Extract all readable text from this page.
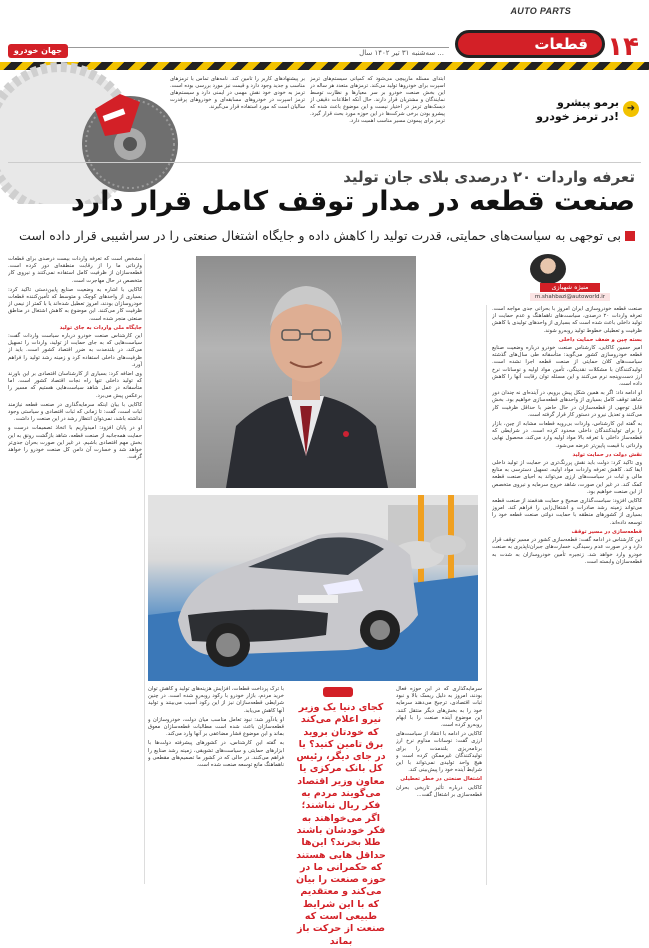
AUTO PARTS
۱۴
قطعات
سه‌شنبه ۳۱ تیر ۱۴۰۲ سال ...
جهان خودرو
ابتدای مسئله مارپیچی می‌شود که کمپانی سیستم‌های ترمز اسپرت برای خودروها تولید می‌کند. ترمزهای متعدد هر ساله در این بخش صنعت خودرو بر سر معیارها و نظارت توسط نمایندگان و مشتریان قرار دارند. حال آنکه اطلاعات دقیقی از دیسک‌های ترمز در اختیار نیست و این موضوع باعث شده که پیشرو بودن برخی شرکت‌ها در این حوزه مورد بحث قرار گیرد. ترمز برای پیمودن مسیر مناسب اهمیت دارد.
بر پیشنهادهای کاربر را تامین کند. نامه‌های تماس با ترمزهای مناسب و جدید وجود دارد و قیمت نیز مورد بررسی بوده است. ترمز به خودی خود نقش مهمی در ایمنی دارد و سیستم‌های ترمز اسپرت در خودروهای مسابقه‌ای و خودروهای پرقدرت سالیان است که مورد استفاده قرار می‌گیرند.	برمو پیشرو
در ترمز خودرو!
➜
تعرفه واردات ۲۰ درصدی بلای جان تولید
صنعت قطعه در مدار توقف کامل قرار دارد
بی توجهی به سیاست‌های حمایتی، قدرت تولید را کاهش داده و جایگاه اشتغال صنعتی را در سراشیبی قرار داده است
منیژه شهبازی
m.shahbazi@autoworld.ir

صنعت قطعه خودروسازی ایران امروز با بحرانی جدی مواجه است. تعرفه واردات ۲۰ درصدی، سیاست‌های ناهماهنگ و عدم حمایت از تولید داخلی باعث شده است که بسیاری از واحدهای تولیدی با کاهش ظرفیت و تعطیلی خطوط تولید روبه‌رو شوند.

بسته چین و ضعف حمایت داخلی

امیر حسین کاکایی، کارشناس صنعت خودرو درباره وضعیت صنایع قطعه خودروسازی کشور می‌گوید: متأسفانه طی سال‌های گذشته سیاست‌های کلان حمایتی از صنعت قطعه اجرا نشده است. تولیدکنندگان با مشکلات نقدینگی، تأمین مواد اولیه و نوسانات نرخ ارز دست‌وپنجه نرم می‌کنند و این مسئله توان رقابت آنها را کاهش داده است.

او ادامه داد: اگر به همین شکل پیش برویم، در آینده‌ای نه چندان دور شاهد توقف کامل بسیاری از واحدهای قطعه‌سازی خواهیم بود. بخش قابل توجهی از قطعه‌سازان در حال حاضر با حداقل ظرفیت کار می‌کنند و تعدیل نیرو در دستور کار قرار گرفته است.

به گفته این کارشناس، واردات بی‌رویه قطعات مشابه از چین، بازار را برای تولیدکنندگان داخلی محدود کرده است. در شرایطی که قطعه‌ساز داخلی با تعرفه بالا مواد اولیه وارد می‌کند، محصول نهایی وارداتی با قیمت پایین‌تر عرضه می‌شود.

نقش دولت در حمایت تولید

وی تاکید کرد: دولت باید نقش پررنگ‌تری در حمایت از تولید داخلی ایفا کند. کاهش تعرفه واردات مواد اولیه، تسهیل دسترسی به منابع مالی و ثبات در سیاست‌های ارزی می‌تواند به احیای صنعت قطعه کمک کند. در غیر این صورت، شاهد خروج سرمایه و نیروی متخصص از این صنعت خواهیم بود.

کاکایی افزود: سیاست‌گذاری صحیح و حمایت هدفمند از صنعت قطعه می‌تواند زمینه رشد صادرات و اشتغال‌زایی را فراهم کند. امروز بسیاری از کشورهای منطقه با حمایت دولتی صنعت قطعه خود را توسعه داده‌اند.

قطعه‌سازی در مسیر توقف

این کارشناس در ادامه گفت: قطعه‌سازی کشور در مسیر توقف قرار دارد و در صورت عدم رسیدگی، خسارت‌های جبران‌ناپذیری به صنعت خودرو وارد خواهد شد. زنجیره تأمین خودروسازان به شدت به قطعه‌سازان وابسته است.

مشخص است که تعرفه واردات بیست درصدی برای قطعات وارداتی ما را از رقابت منطقه‌ای دور کرده است. قطعه‌سازان از ظرفیت کامل استفاده نمی‌کنند و نیروی کار متخصص در حال مهاجرت است.

کاکایی با اشاره به وضعیت صنایع پایین‌دستی تاکید کرد: بسیاری از واحدهای کوچک و متوسط که تأمین‌کننده قطعات خودروسازان بودند، امروز تعطیل شده‌اند یا با کمتر از نیمی از ظرفیت کار می‌کنند. این موضوع به کاهش اشتغال در مناطق صنعتی منجر شده است.

جایگاه ملی واردات به جای تولید

این کارشناس صنعت خودرو درباره سیاست واردات گفت: سیاست‌هایی که به جای حمایت از تولید، واردات را تسهیل می‌کند، در بلندمدت به ضرر اقتصاد کشور است. باید از ظرفیت‌های داخلی استفاده کرد و زمینه رشد تولید را فراهم آورد.

وی اضافه کرد: بسیاری از کارشناسان اقتصادی بر این باورند که تولید داخلی تنها راه نجات اقتصاد کشور است. اما متأسفانه در عمل شاهد سیاست‌هایی هستیم که مسیر را برعکس پیش می‌برد.

کاکایی با بیان اینکه سرمایه‌گذاری در صنعت قطعه نیازمند ثبات است، گفت: تا زمانی که ثبات اقتصادی و سیاستی وجود نداشته باشد، نمی‌توان انتظار رشد در این صنعت را داشت.

او در پایان افزود: امیدواریم با اتخاذ تصمیمات درست و حمایت همه‌جانبه از صنعت قطعه، شاهد بازگشت رونق به این بخش مهم اقتصادی باشیم. در غیر این صورت بحران جدی‌تر خواهد شد و خسارت آن دامن کل صنعت خودرو را خواهد گرفت.

سرمایه‌گذاری که در این حوزه فعال بودند، امروز به دلیل ریسک بالا و نبود ثبات اقتصادی، ترجیح می‌دهند سرمایه خود را به بخش‌های دیگر منتقل کنند. این موضوع آینده صنعت را با ابهام روبه‌رو کرده است.

کاکایی در ادامه با انتقاد از سیاست‌های ارزی گفت: نوسانات مداوم نرخ ارز برنامه‌ریزی بلندمدت را برای تولیدکنندگان غیرممکن کرده است و هیچ واحد تولیدی نمی‌تواند با این شرایط آینده خود را پیش‌بینی کند.

اشتغال صنعتی در خطر تعطیلی

کاکایی درباره تأثیر تاریخی بحران قطعه‌سازی بر اشتغال گفت...

با ترک پرداخت قطعات، افزایش هزینه‌های تولید و کاهش توان خرید مردم، بازار خودرو با رکود روبه‌رو شده است. در چنین شرایطی قطعه‌سازان نیز از این رکود آسیب می‌بینند و تولید آنها کاهش می‌یابد.

او یادآور شد: نبود تعامل مناسب میان دولت، خودروسازان و قطعه‌سازان باعث شده است مطالبات قطعه‌سازان معوق بماند و این موضوع فشار مضاعفی بر آنها وارد می‌کند.

به گفته این کارشناس، در کشورهای پیشرفته دولت‌ها با ابزارهای حمایتی و سیاست‌های تشویقی، زمینه رشد صنایع را فراهم می‌کنند. در حالی که در کشور ما تصمیم‌های مقطعی و ناهماهنگ مانع توسعه صنعت شده است.

کجای دنیا یک وزیر نیرو اعلام می‌کند که خودتان بروید برق تامین کنید؟ یا در جای دیگر، رئیس کل بانک مرکزی یا معاون وزیر اقتصاد می‌گویند مردم به فکر ریال نباشند؛ اگر می‌خواهند به فکر خودشان باشند طلا بخرند؟ این‌ها حداقل هایی هستند که حکمرانی ما در حوزه صنعت را بیان می‌کند و معتقدیم که با این شرایط طبیعی است که صنعت از حرکت باز بماند
